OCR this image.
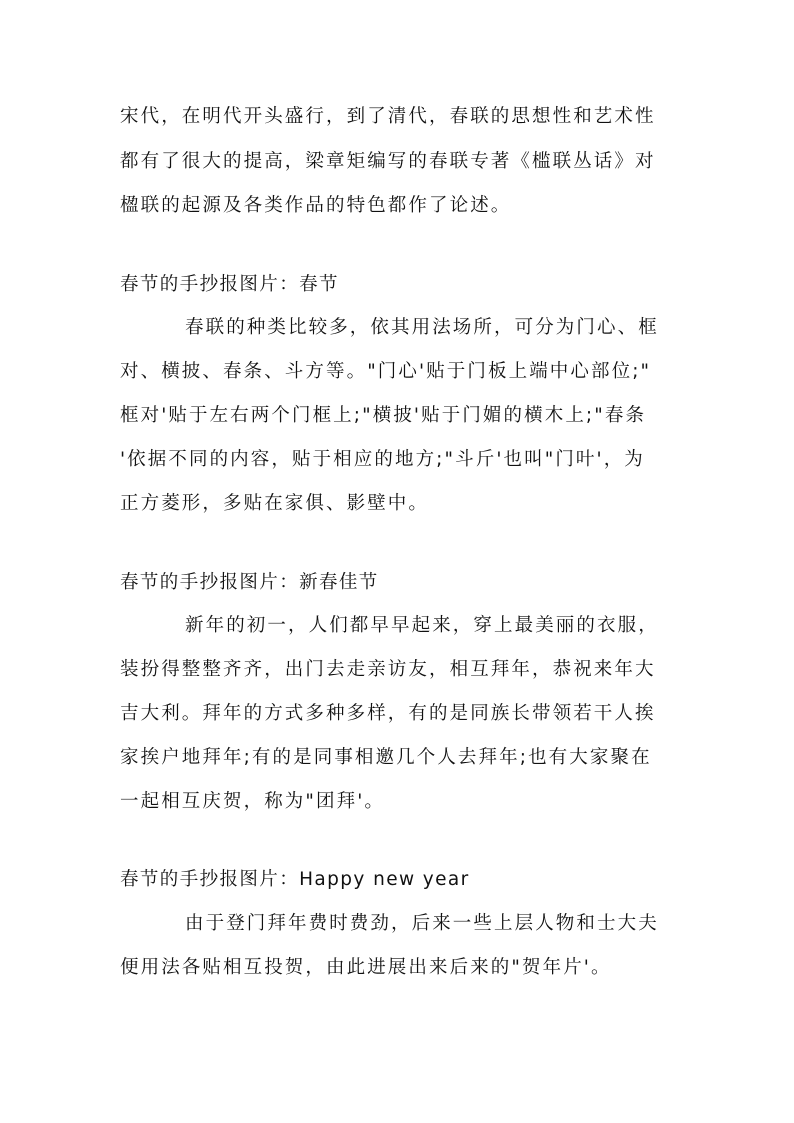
宋代，在明代开头盛行，到了清代，春联的思想性和艺术性
都有了很大的提高，梁章矩编写的春联专著《槛联丛话》对
楹联的起源及各类作品的特色都作了论述。
春节的手抄报图片：春节
春联的种类比较多，依其用法场所，可分为门心、框
对、横披、春条、斗方等。"门心'贴于门板上端中心部位;"
框对'贴于左右两个门框上;"横披'贴于门媚的横木上;"春条
'依据不同的内容，贴于相应的地方;"斗斤'也叫"门叶'，为
正方菱形，多贴在家俱、影壁中。
春节的手抄报图片：新春佳节
新年的初一，人们都早早起来，穿上最美丽的衣服，
装扮得整整齐齐，出门去走亲访友，相互拜年，恭祝来年大
吉大利。拜年的方式多种多样，有的是同族长带领若干人挨
家挨户地拜年;有的是同事相邀几个人去拜年;也有大家聚在
一起相互庆贺，称为"团拜'。
春节的手抄报图片：Happy new year
由于登门拜年费时费劲，后来一些上层人物和士大夫
便用法各贴相互投贺，由此进展出来后来的"贺年片'。
